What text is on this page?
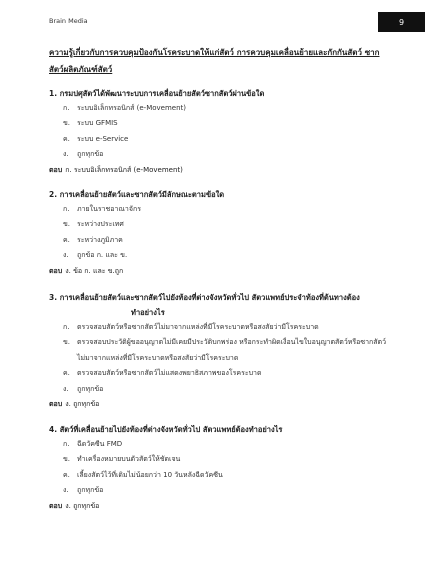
Brain Media	9
ความรู้เกี่ยวกับการควบคุมป้องกันโรคระบาดให้แก่สัตว์ การควบคุมเคลื่อนย้ายและกักกันสัตว์ ซากสัตว์ผลิตภัณฑ์สัตว์
1. กรมปศุสัตว์ได้พัฒนาระบบการเคลื่อนย้ายสัตว์ซากสัตว์ผ่านข้อใด
ก.	ระบบอิเล็กทรอนิกส์ (e-Movement)
ข. ระบบ GFMIS
ค.	ระบบ e-Service
ง.	ถูกทุกข้อ
ตอบ ก. ระบบอิเล็กทรอนิกส์ (e-Movement)
2. การเคลื่อนย้ายสัตว์และซากสัตว์มีลักษณะตามข้อใด
ก.	ภายในราชอาณาจักร
ข. ระหว่างประเทศ
ค.	ระหว่างภูมิภาค
ง.	ถูกข้อ ก. และ ข.
ตอบ ง. ข้อ ก. และ ข.ถูก
3. การเคลื่อนย้ายสัตว์และซากสัตว์ไปยังท้องที่ต่างจังหวัดทั่วไป สัตวแพทย์ประจำท้องที่ต้นทางต้อง
ทำอย่างไร
ก.	ตรวจสอบสัตว์หรือซากสัตว์ไม่มาจากแหล่งที่มีโรคระบาดหรือสงสัยว่ามีโรคระบาด
ข. ตรวจสอบประวัติผู้ขออนุญาตไม่มีเคยมีประวัติบกพร่อง หรือกระทำผิดเงื่อนไขใบอนุญาตสัตว์หรือซากสัตว์ไม่มาจากแหล่งที่มีโรคระบาดหรือสงสัยว่ามีโรคระบาด
ค.	ตรวจสอบสัตว์หรือซากสัตว์ไม่แสดงพยาธิสภาพของโรคระบาด
ง.	ถูกทุกข้อ
ตอบ ง. ถูกทุกข้อ
4. สัตว์ที่เคลื่อนย้ายไปยังท้องที่ต่างจังหวัดทั่วไป สัตวแพทย์ต้องทำอย่างไร
ก.	ฉีดวัคซีน FMD
ข. ทำเครื่องหมายบนตัวสัตว์ให้ชัดเจน
ค.	เลี้ยงสัตว์ไว้ที่เดิมไม่น้อยกว่า 10 วันหลังฉีดวัคซีน
ง.	ถูกทุกข้อ
ตอบ ง. ถูกทุกข้อ
